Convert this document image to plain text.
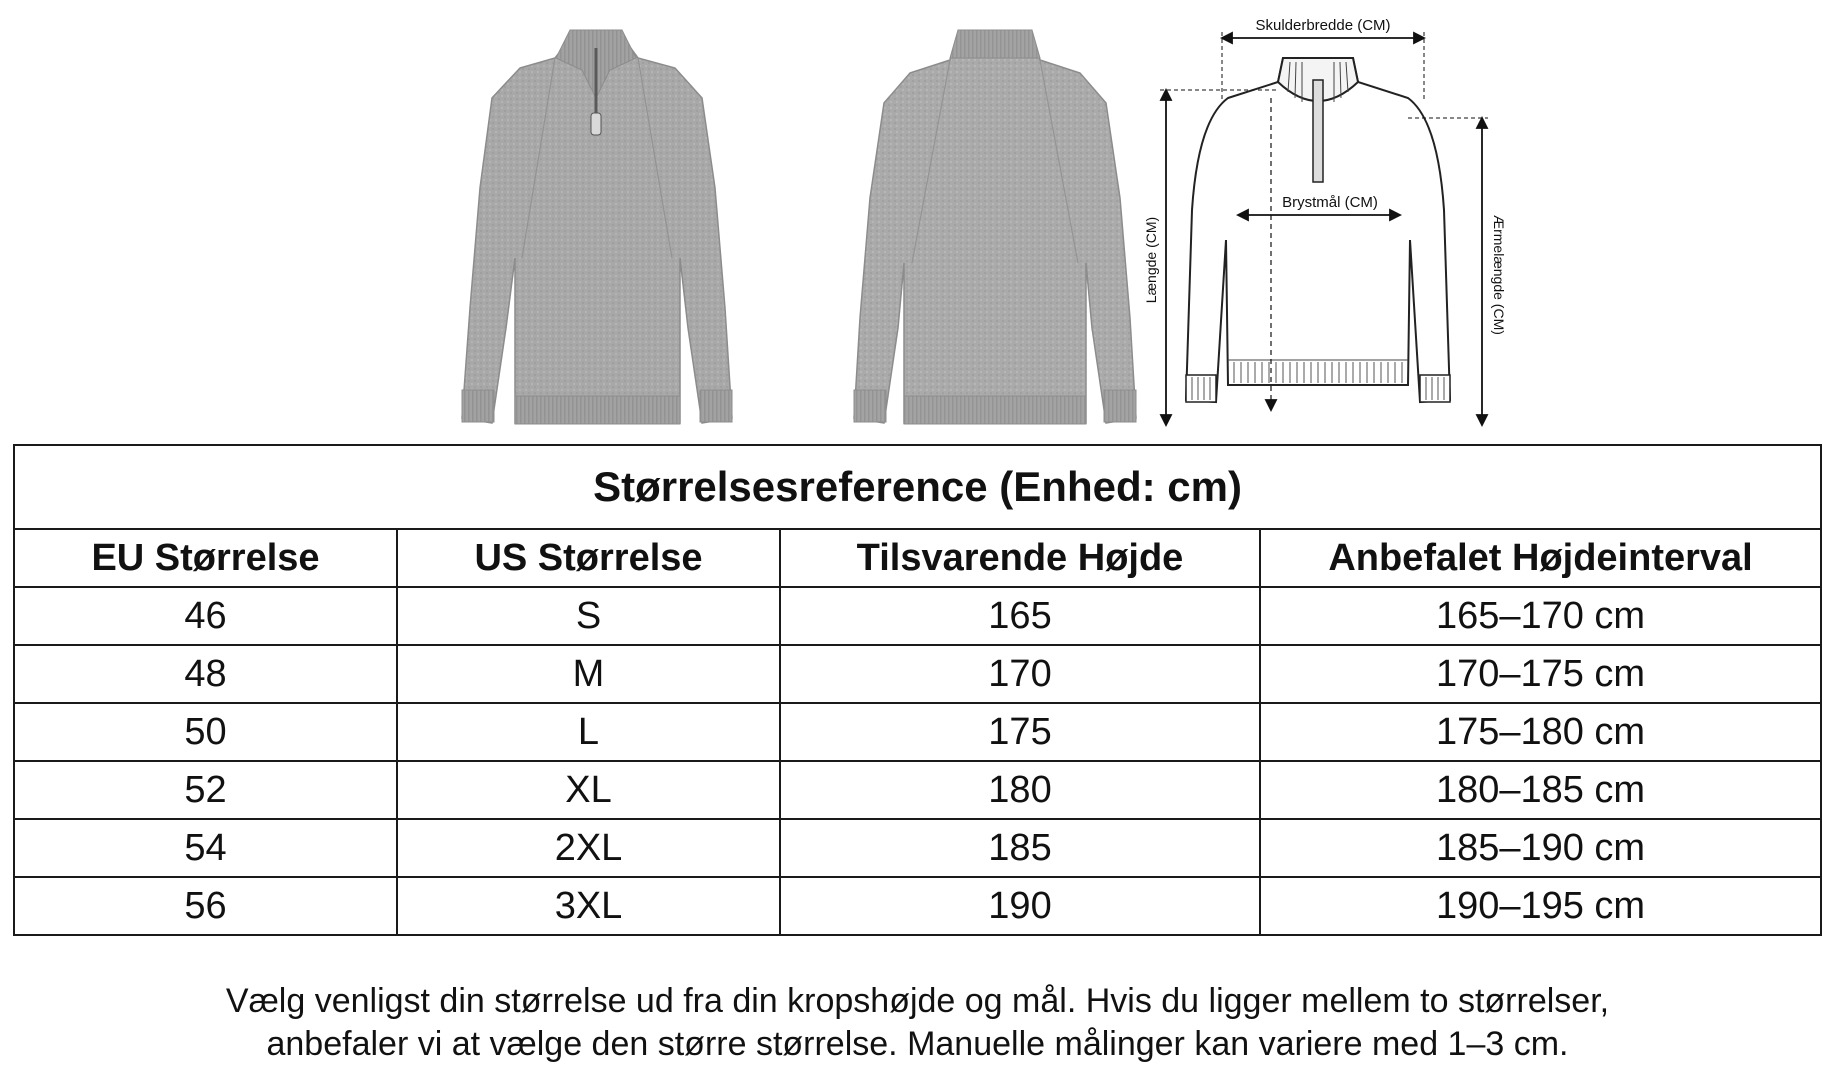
Skulderbredde (CM)
Brystmål (CM)
Længde (CM)	Ærmelængde (CM)
Størrelsesreference (Enhed: cm)			
EU Størrelse	US Størrelse	Tilsvarende Højde	Anbefalet Højdeinterval
46	S	165	165–170 cm
48	M	170	170–175 cm
50	L	175	175–180 cm
52	XL	180	180–185 cm
54	2XL	185	185–190 cm
56	3XL	190	190–195 cm
Vælg venligst din størrelse ud fra din kropshøjde og mål. Hvis du ligger mellem to størrelser,
anbefaler vi at vælge den større størrelse. Manuelle målinger kan variere med 1–3 cm.
